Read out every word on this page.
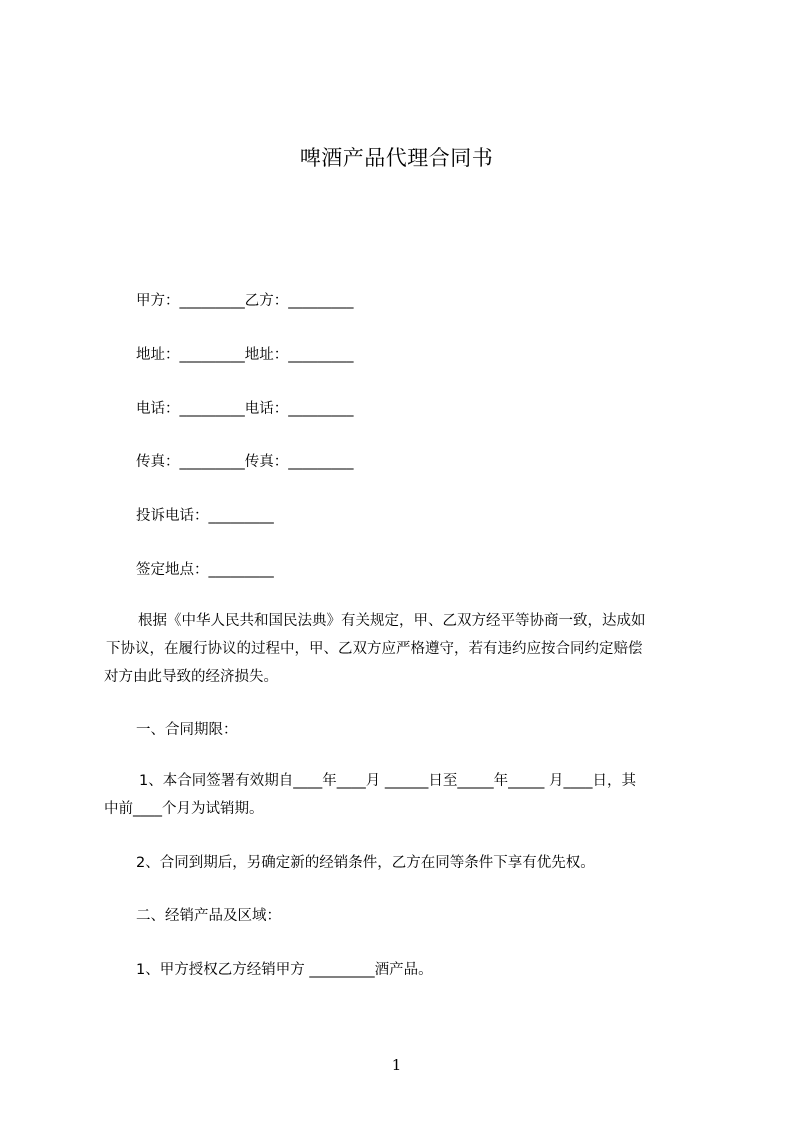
啤酒产品代理合同书
甲方：_________乙方：_________
地址：_________地址：_________
电话：_________电话：_________
传真：_________传真：_________
投诉电话：_________
签定地点：_________
根据《中华人民共和国民法典》有关规定，甲、乙双方经平等协商一致，达成如
下协议，在履行协议的过程中，甲、乙双方应严格遵守，若有违约应按合同约定赔偿
对方由此导致的经济损失。
一、合同期限：
1、本合同签署有效期自____年____月 ______日至_____年_____ 月____日，其
中前____个月为试销期。
2、合同到期后，另确定新的经销条件，乙方在同等条件下享有优先权。
二、经销产品及区域：
1、甲方授权乙方经销甲方 _________酒产品。
1
